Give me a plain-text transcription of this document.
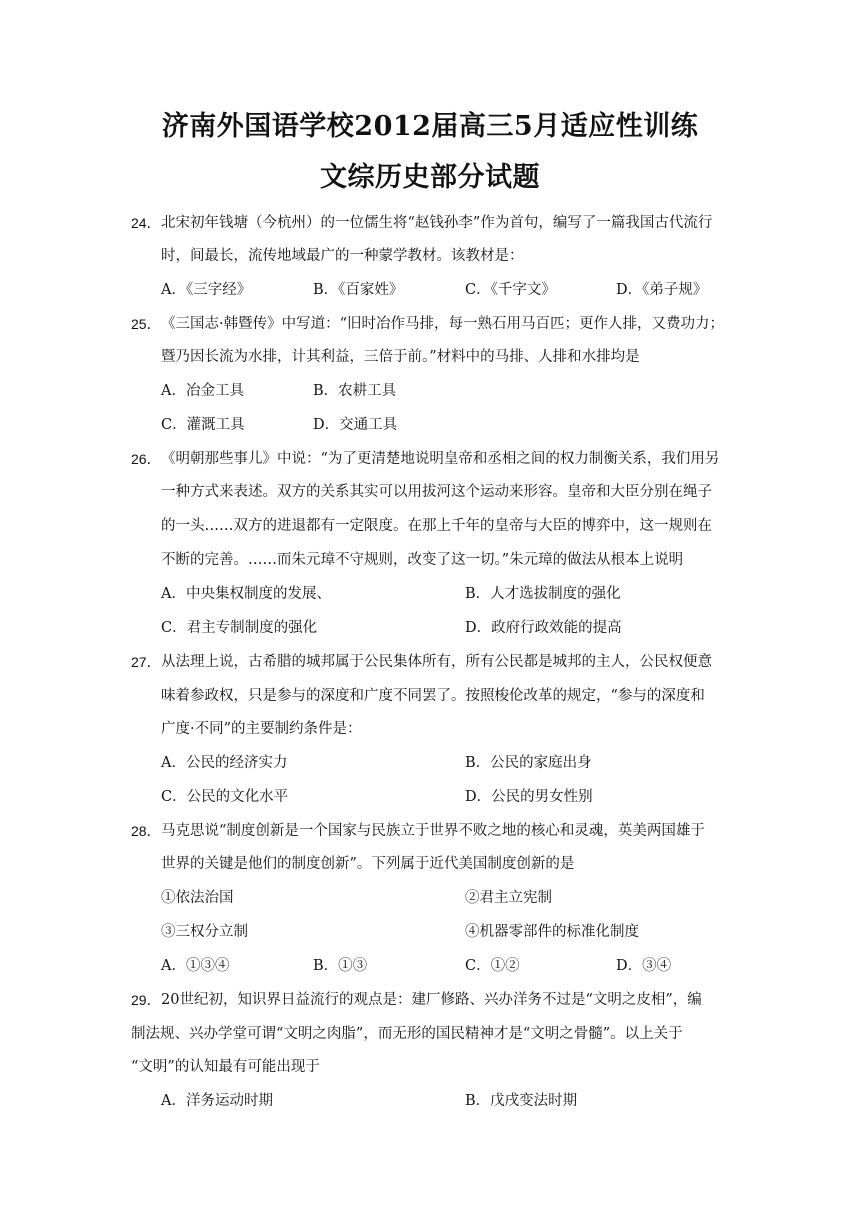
济南外国语学校2012届高三5月适应性训练
文综历史部分试题
24． 北宋初年钱塘（今杭州）的一位儒生将“赵钱孙李”作为首句，编写了一篇我国古代流行
时，间最长，流传地域最广的一种蒙学教材。该教材是：
A．《三字经》	B．《百家姓》	C．《千字文》	D．《弟子规》
25． 《三国志·韩暨传》中写道：“旧时冶作马排，每一熟石用马百匹；更作人排，又费功力；
暨乃因长流为水排，计其利益，三倍于前。”材料中的马排、人排和水排均是
A．冶金工具	B．农耕工具
C．灌溉工具	D．交通工具
26． 《明朝那些事儿》中说：“为了更清楚地说明皇帝和丞相之间的权力制衡关系，我们用另
一种方式来表述。双方的关系其实可以用拔河这个运动来形容。皇帝和大臣分别在绳子
的一头……双方的进退都有一定限度。在那上千年的皇帝与大臣的博弈中，这一规则在
不断的完善。……而朱元璋不守规则，改变了这一切。”朱元璋的做法从根本上说明
A．中央集权制度的发展、	B．人才选拔制度的强化
C．君主专制制度的强化	D．政府行政效能的提高
27． 从法理上说，古希腊的城邦属于公民集体所有，所有公民都是城邦的主人，公民权便意
味着参政权，只是参与的深度和广度不同罢了。按照梭伦改革的规定，“参与的深度和
广度·不同”的主要制约条件是：
A．公民的经济实力	B．公民的家庭出身
C．公民的文化水平	D．公民的男女性别
28． 马克思说“制度创新是一个国家与民族立于世界不败之地的核心和灵魂，英美两国雄于
世界的关键是他们的制度创新”。下列属于近代美国制度创新的是
①依法治国	②君主立宪制
③三权分立制	④机器零部件的标准化制度
A．①③④	B．①③	C．①②	D．③④
29． 20世纪初，知识界日益流行的观点是：建厂修路、兴办洋务不过是“文明之皮相”，编
制法规、兴办学堂可谓“文明之肉脂”，而无形的国民精神才是“文明之骨髓”。以上关于
“文明”的认知最有可能出现于
A．洋务运动时期	B．戊戌变法时期
